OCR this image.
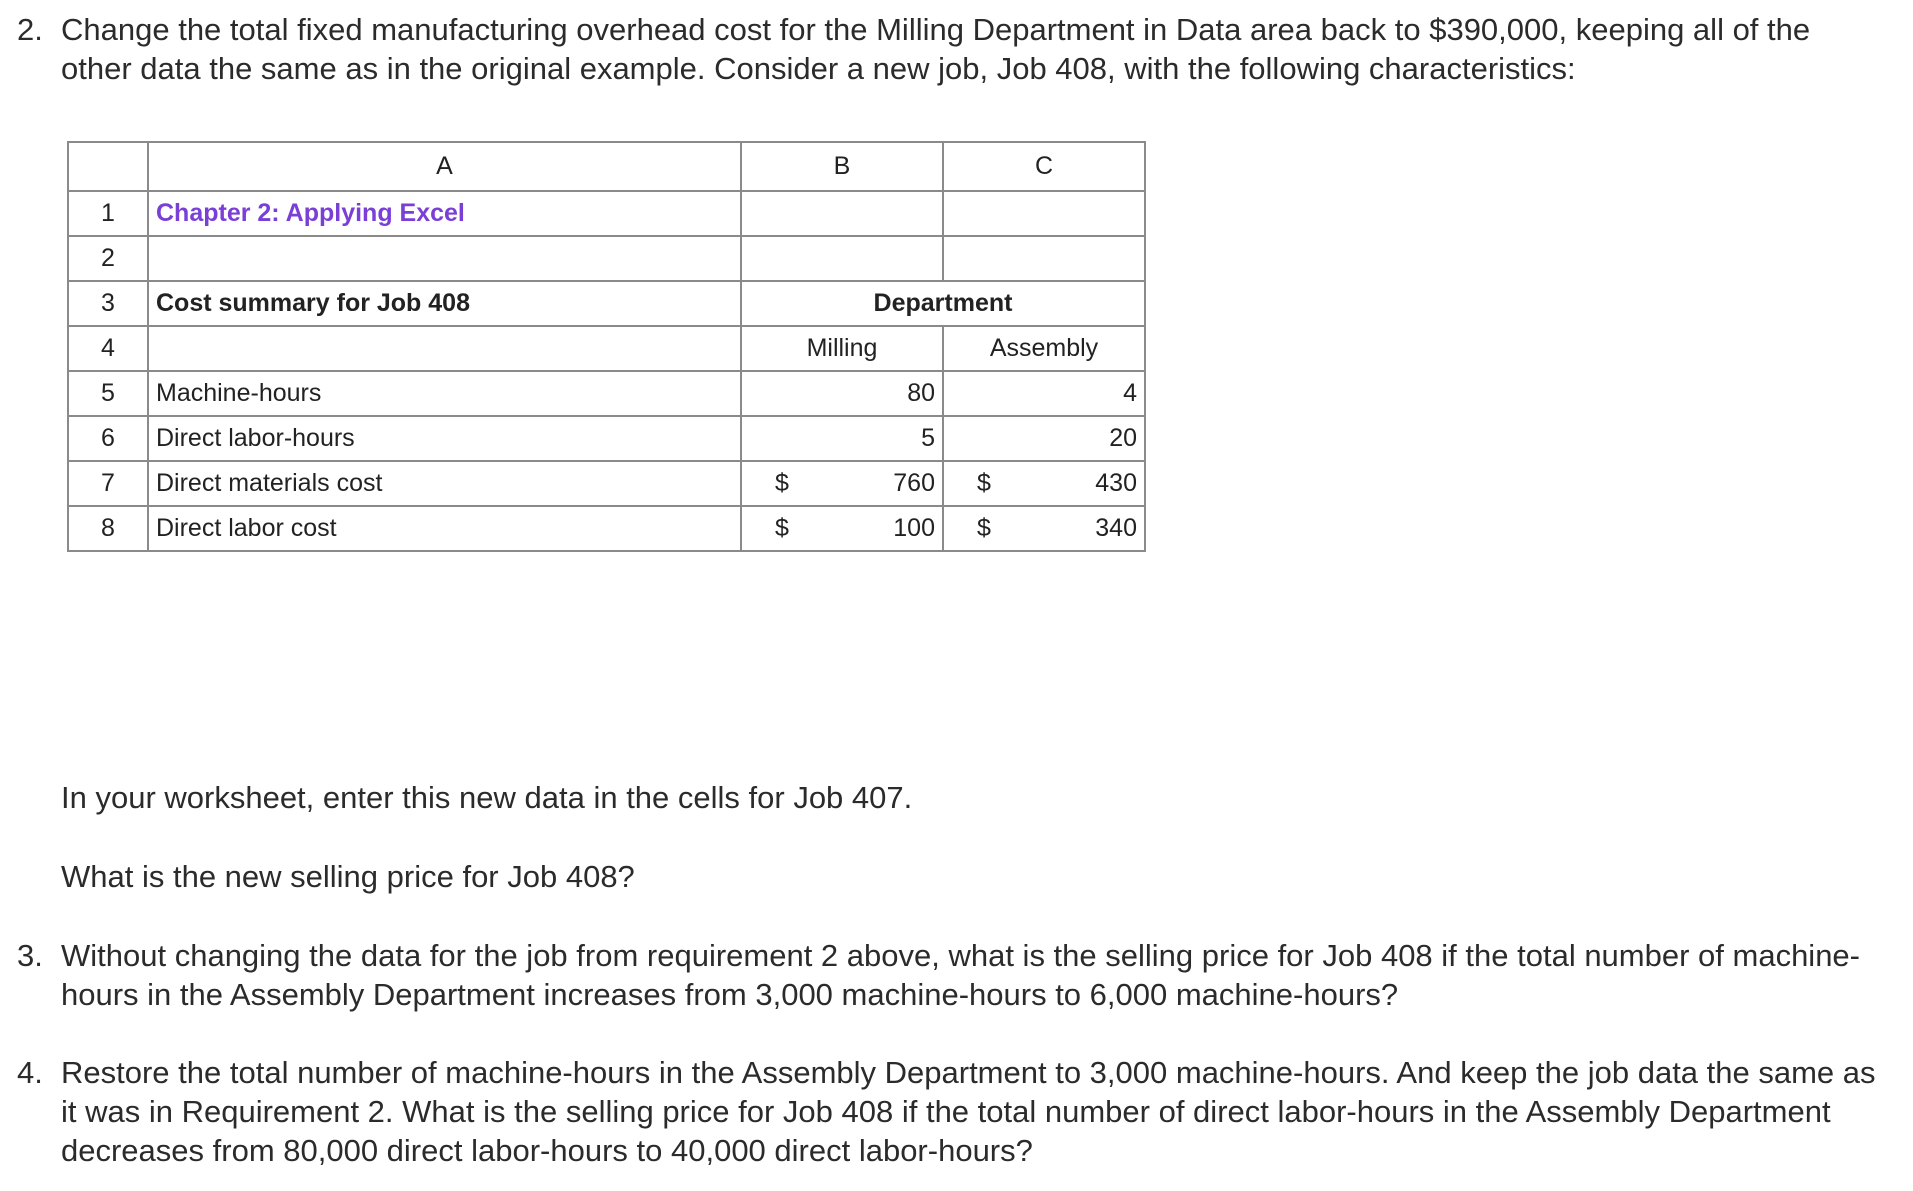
2. Change the total fixed manufacturing overhead cost for the Milling Department in Data area back to $390,000, keeping all of the other data the same as in the original example. Consider a new job, Job 408, with the following characteristics:
	A	B	C
1	Chapter 2: Applying Excel		
2			
3	Cost summary for Job 408	Department	
4		Milling	Assembly
5	Machine-hours	80	4
6	Direct labor-hours	5	20
7	Direct materials cost	$ 760	$ 430

8	Direct labor cost	$ 100	$ 340

In your worksheet, enter this new data in the cells for Job 407.

What is the new selling price for Job 408?

3. Without changing the data for the job from requirement 2 above, what is the selling price for Job 408 if the total number of machine-hours in the Assembly Department increases from 3,000 machine-hours to 6,000 machine-hours?
4. Restore the total number of machine-hours in the Assembly Department to 3,000 machine-hours. And keep the job data the same as it was in Requirement 2. What is the selling price for Job 408 if the total number of direct labor-hours in the Assembly Department decreases from 80,000 direct labor-hours to 40,000 direct labor-hours?
